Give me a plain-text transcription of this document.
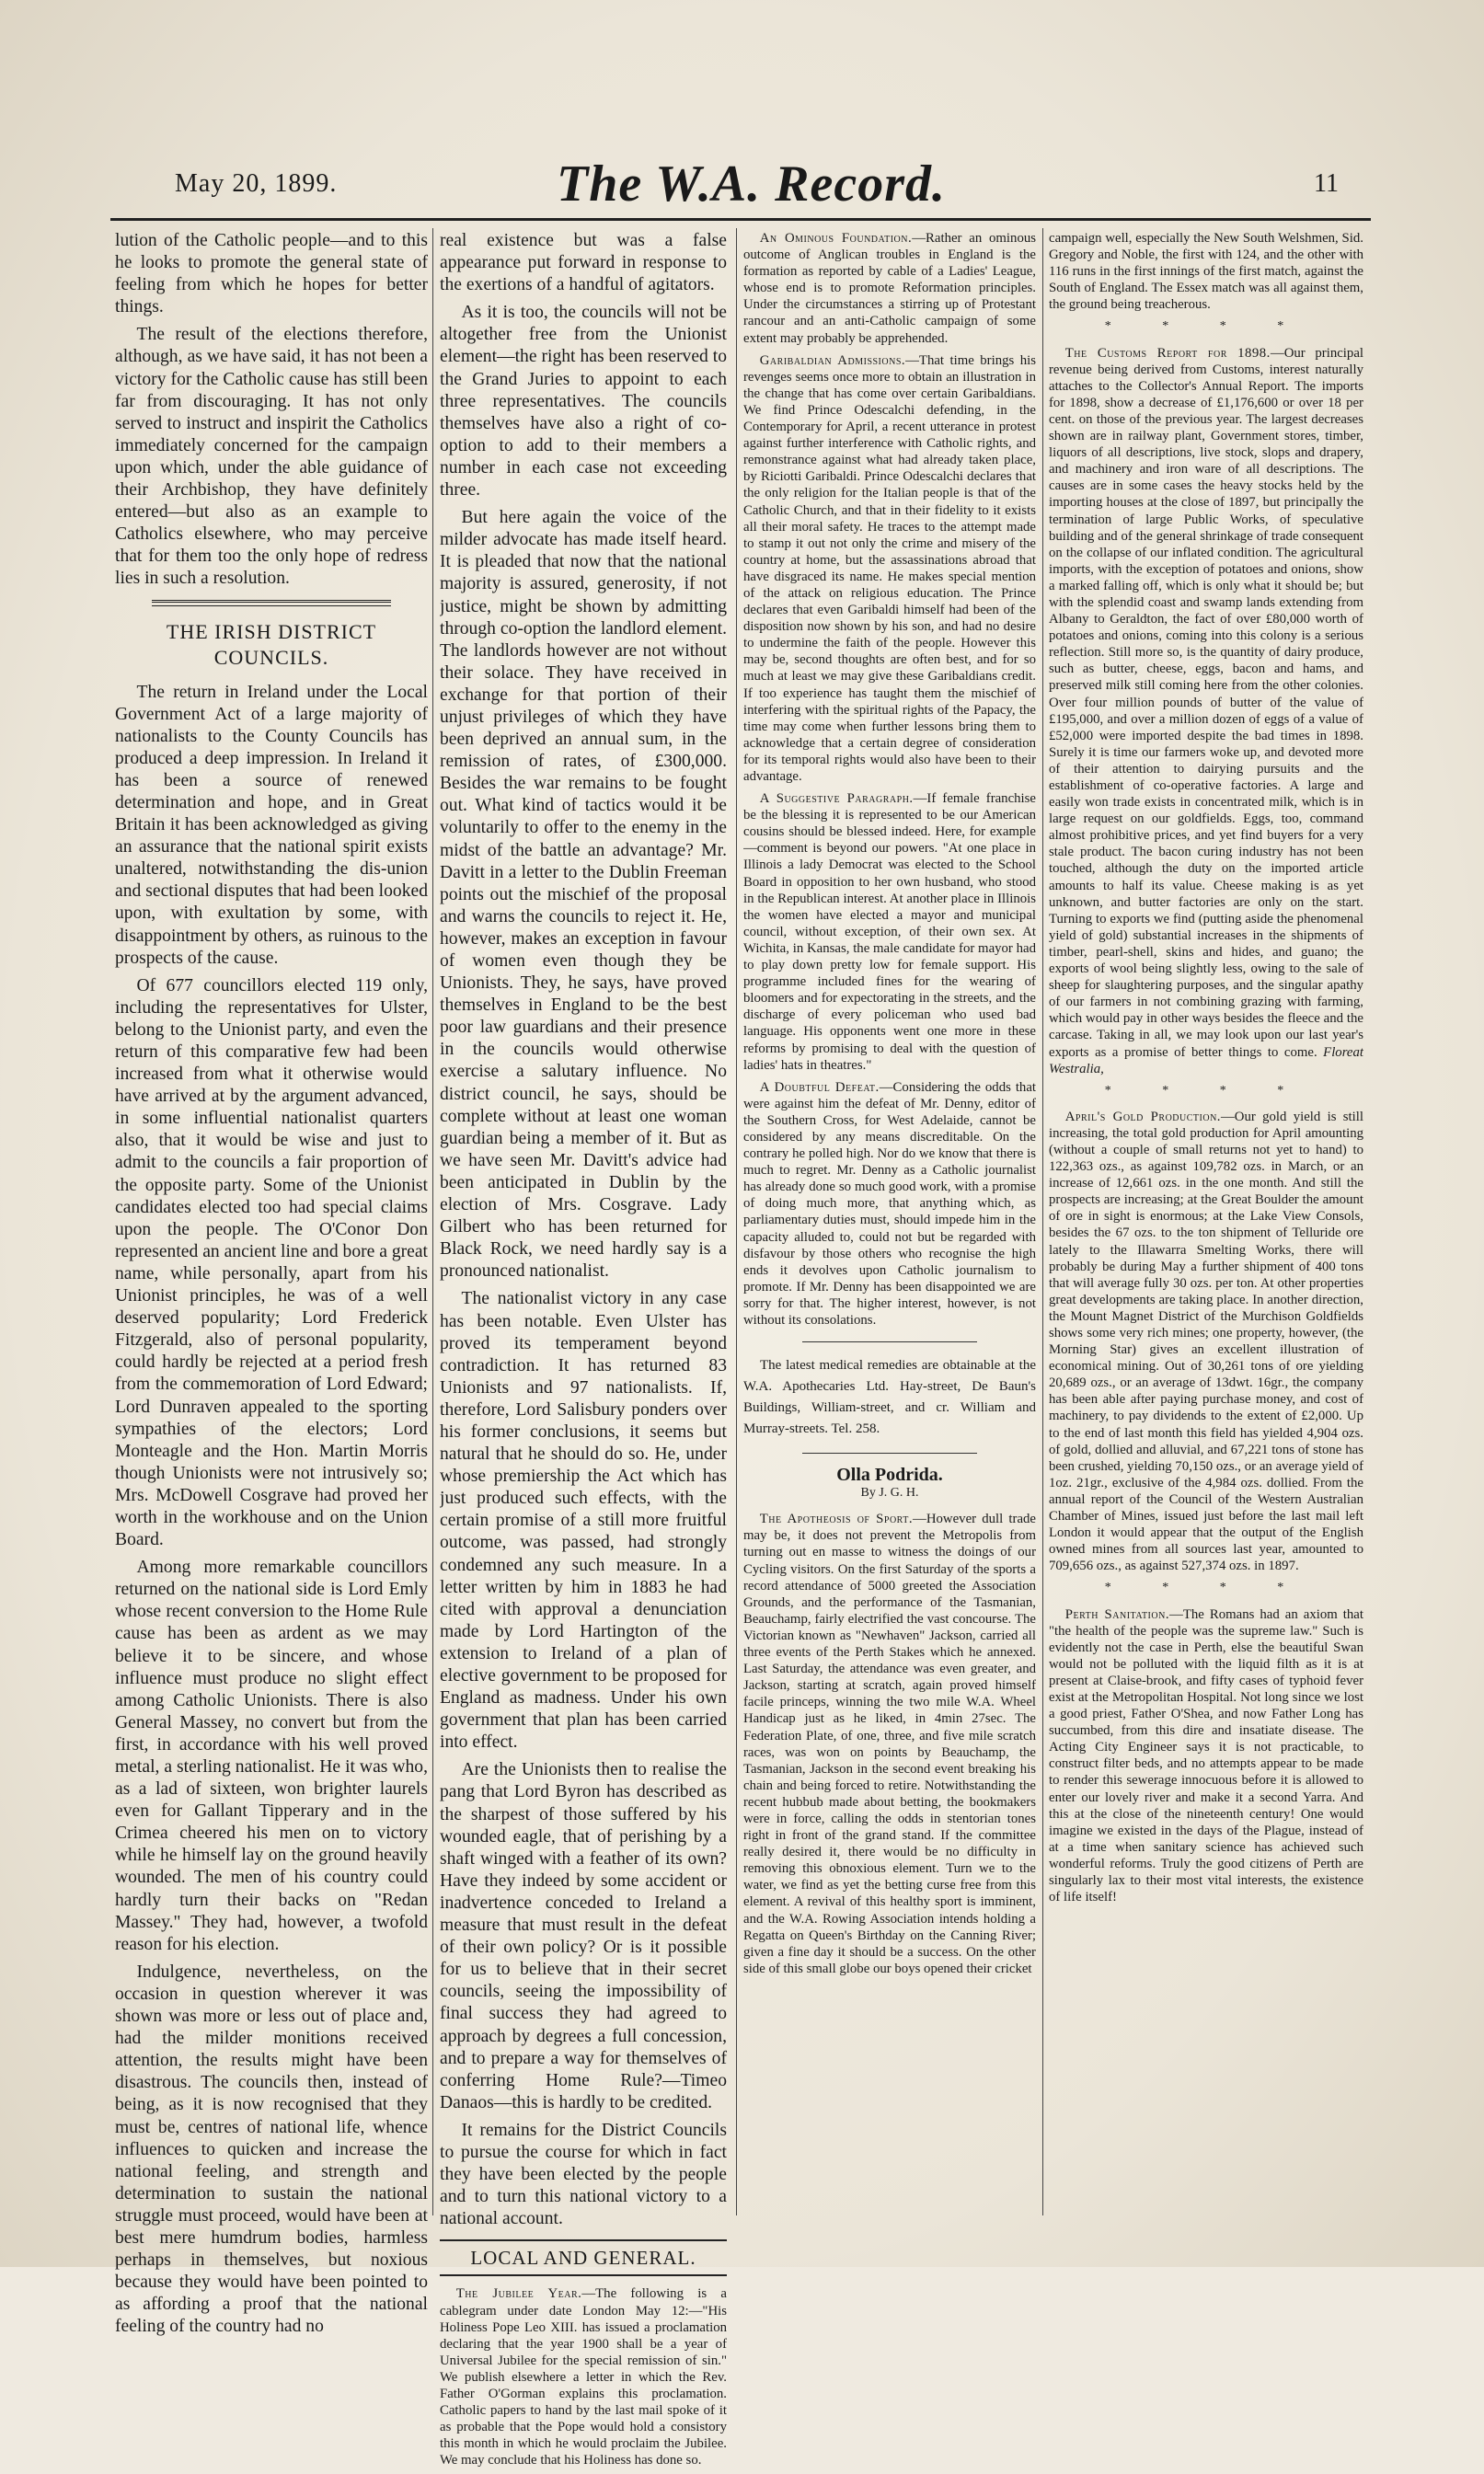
May 20, 1899.	The W.A. Record.	11

lution of the Catholic people—and to this he looks to promote the general state of feeling from which he hopes for better things.

The result of the elections therefore, although, as we have said, it has not been a victory for the Catholic cause has still been far from discouraging. It has not only served to instruct and inspirit the Catholics immediately concerned for the campaign upon which, under the able guidance of their Archbishop, they have definitely entered—but also as an example to Catholics elsewhere, who may perceive that for them too the only hope of redress lies in such a resolution.

THE IRISH DISTRICT COUNCILS.

The return in Ireland under the Local Government Act of a large majority of nationalists to the County Councils has produced a deep impression. In Ireland it has been a source of renewed determination and hope, and in Great Britain it has been acknowledged as giving an assurance that the national spirit exists unaltered, notwithstanding the dis-union and sectional disputes that had been looked upon, with exultation by some, with disappointment by others, as ruinous to the prospects of the cause.

Of 677 councillors elected 119 only, including the representatives for Ulster, belong to the Unionist party, and even the return of this comparative few had been increased from what it otherwise would have arrived at by the argument advanced, in some influential nationalist quarters also, that it would be wise and just to admit to the councils a fair proportion of the opposite party. Some of the Unionist candidates elected too had special claims upon the people. The O'Conor Don represented an ancient line and bore a great name, while personally, apart from his Unionist principles, he was of a well deserved popularity; Lord Frederick Fitzgerald, also of personal popularity, could hardly be rejected at a period fresh from the commemoration of Lord Edward; Lord Dunraven appealed to the sporting sympathies of the electors; Lord Monteagle and the Hon. Martin Morris though Unionists were not intrusively so; Mrs. McDowell Cosgrave had proved her worth in the workhouse and on the Union Board.

Among more remarkable councillors returned on the national side is Lord Emly whose recent conversion to the Home Rule cause has been as ardent as we may believe it to be sincere, and whose influence must produce no slight effect among Catholic Unionists. There is also General Massey, no convert but from the first, in accordance with his well proved metal, a sterling nationalist. He it was who, as a lad of sixteen, won brighter laurels even for Gallant Tipperary and in the Crimea cheered his men on to victory while he himself lay on the ground heavily wounded. The men of his country could hardly turn their backs on "Redan Massey." They had, however, a twofold reason for his election.

Indulgence, nevertheless, on the occasion in question wherever it was shown was more or less out of place and, had the milder monitions received attention, the results might have been disastrous. The councils then, instead of being, as it is now recognised that they must be, centres of national life, whence influences to quicken and increase the national feeling, and strength and determination to sustain the national struggle must proceed, would have been at best mere humdrum bodies, harmless perhaps in themselves, but noxious because they would have been pointed to as affording a proof that the national feeling of the country had no

real existence but was a false appearance put forward in response to the exertions of a handful of agitators.

As it is too, the councils will not be altogether free from the Unionist element—the right has been reserved to the Grand Juries to appoint to each three representatives. The councils themselves have also a right of co-option to add to their members a number in each case not exceeding three.

But here again the voice of the milder advocate has made itself heard. It is pleaded that now that the national majority is assured, generosity, if not justice, might be shown by admitting through co-option the landlord element. The landlords however are not without their solace. They have received in exchange for that portion of their unjust privileges of which they have been deprived an annual sum, in the remission of rates, of £300,000. Besides the war remains to be fought out. What kind of tactics would it be voluntarily to offer to the enemy in the midst of the battle an advantage? Mr. Davitt in a letter to the Dublin Freeman points out the mischief of the proposal and warns the councils to reject it. He, however, makes an exception in favour of women even though they be Unionists. They, he says, have proved themselves in England to be the best poor law guardians and their presence in the councils would otherwise exercise a salutary influence. No district council, he says, should be complete without at least one woman guardian being a member of it. But as we have seen Mr. Davitt's advice had been anticipated in Dublin by the election of Mrs. Cosgrave. Lady Gilbert who has been returned for Black Rock, we need hardly say is a pronounced nationalist.

The nationalist victory in any case has been notable. Even Ulster has proved its temperament beyond contradiction. It has returned 83 Unionists and 97 nationalists. If, therefore, Lord Salisbury ponders over his former conclusions, it seems but natural that he should do so. He, under whose premiership the Act which has just produced such effects, with the certain promise of a still more fruitful outcome, was passed, had strongly condemned any such measure. In a letter written by him in 1883 he had cited with approval a denunciation made by Lord Hartington of the extension to Ireland of a plan of elective government to be proposed for England as madness. Under his own government that plan has been carried into effect.

Are the Unionists then to realise the pang that Lord Byron has described as the sharpest of those suffered by his wounded eagle, that of perishing by a shaft winged with a feather of its own? Have they indeed by some accident or inadvertence conceded to Ireland a measure that must result in the defeat of their own policy? Or is it possible for us to believe that in their secret councils, seeing the impossibility of final success they had agreed to approach by degrees a full concession, and to prepare a way for themselves of conferring Home Rule?—Timeo Danaos—this is hardly to be credited.

It remains for the District Councils to pursue the course for which in fact they have been elected by the people and to turn this national victory to a national account.

LOCAL AND GENERAL.

The Jubilee Year.—The following is a cablegram under date London May 12:—"His Holiness Pope Leo XIII. has issued a proclamation declaring that the year 1900 shall be a year of Universal Jubilee for the special remission of sin." We publish elsewhere a letter in which the Rev. Father O'Gorman explains this proclamation. Catholic papers to hand by the last mail spoke of it as probable that the Pope would hold a consistory this month in which he would proclaim the Jubilee. We may conclude that his Holiness has done so.

An Ominous Foundation.—Rather an ominous outcome of Anglican troubles in England is the formation as reported by cable of a Ladies' League, whose end is to promote Reformation principles. Under the circumstances a stirring up of Protestant rancour and an anti-Catholic campaign of some extent may probably be apprehended.

Garibaldian Admissions.—That time brings his revenges seems once more to obtain an illustration in the change that has come over certain Garibaldians. We find Prince Odescalchi defending, in the Contemporary for April, a recent utterance in protest against further interference with Catholic rights, and remonstrance against what had already taken place, by Riciotti Garibaldi. Prince Odescalchi declares that the only religion for the Italian people is that of the Catholic Church, and that in their fidelity to it exists all their moral safety. He traces to the attempt made to stamp it out not only the crime and misery of the country at home, but the assassinations abroad that have disgraced its name. He makes special mention of the attack on religious education. The Prince declares that even Garibaldi himself had been of the disposition now shown by his son, and had no desire to undermine the faith of the people. However this may be, second thoughts are often best, and for so much at least we may give these Garibaldians credit. If too experience has taught them the mischief of interfering with the spiritual rights of the Papacy, the time may come when further lessons bring them to acknowledge that a certain degree of consideration for its temporal rights would also have been to their advantage.

A Suggestive Paragraph.—If female franchise be the blessing it is represented to be our American cousins should be blessed indeed. Here, for example—comment is beyond our powers. "At one place in Illinois a lady Democrat was elected to the School Board in opposition to her own husband, who stood in the Republican interest. At another place in Illinois the women have elected a mayor and municipal council, without exception, of their own sex. At Wichita, in Kansas, the male candidate for mayor had to play down pretty low for female support. His programme included fines for the wearing of bloomers and for expectorating in the streets, and the discharge of every policeman who used bad language. His opponents went one more in these reforms by promising to deal with the question of ladies' hats in theatres."

A Doubtful Defeat.—Considering the odds that were against him the defeat of Mr. Denny, editor of the Southern Cross, for West Adelaide, cannot be considered by any means discreditable. On the contrary he polled high. Nor do we know that there is much to regret. Mr. Denny as a Catholic journalist has already done so much good work, with a promise of doing much more, that anything which, as parliamentary duties must, should impede him in the capacity alluded to, could not but be regarded with disfavour by those others who recognise the high ends it devolves upon Catholic journalism to promote. If Mr. Denny has been disappointed we are sorry for that. The higher interest, however, is not without its consolations.

The latest medical remedies are obtainable at the W.A. Apothecaries Ltd. Hay-street, De Baun's Buildings, William-street, and cr. William and Murray-streets. Tel. 258.

Olla Podrida.

By J. G. H.

The Apotheosis of Sport.—However dull trade may be, it does not prevent the Metropolis from turning out en masse to witness the doings of our Cycling visitors. On the first Saturday of the sports a record attendance of 5000 greeted the Association Grounds, and the performance of the Tasmanian, Beauchamp, fairly electrified the vast concourse. The Victorian known as "Newhaven" Jackson, carried all three events of the Perth Stakes which he annexed. Last Saturday, the attendance was even greater, and Jackson, starting at scratch, again proved himself facile princeps, winning the two mile W.A. Wheel Handicap just as he liked, in 4min 27sec. The Federation Plate, of one, three, and five mile scratch races, was won on points by Beauchamp, the Tasmanian, Jackson in the second event breaking his chain and being forced to retire. Notwithstanding the recent hubbub made about betting, the bookmakers were in force, calling the odds in stentorian tones right in front of the grand stand. If the committee really desired it, there would be no difficulty in removing this obnoxious element. Turn we to the water, we find as yet the betting curse free from this element. A revival of this healthy sport is imminent, and the W.A. Rowing Association intends holding a Regatta on Queen's Birthday on the Canning River; given a fine day it should be a success. On the other side of this small globe our boys opened their cricket

campaign well, especially the New South Welshmen, Sid. Gregory and Noble, the first with 124, and the other with 116 runs in the first innings of the first match, against the South of England. The Essex match was all against them, the ground being treacherous.

* * * *

The Customs Report for 1898.—Our principal revenue being derived from Customs, interest naturally attaches to the Collector's Annual Report. The imports for 1898, show a decrease of £1,176,600 or over 18 per cent. on those of the previous year. The largest decreases shown are in railway plant, Government stores, timber, liquors of all descriptions, live stock, slops and drapery, and machinery and iron ware of all descriptions. The causes are in some cases the heavy stocks held by the importing houses at the close of 1897, but principally the termination of large Public Works, of speculative building and of the general shrinkage of trade consequent on the collapse of our inflated condition. The agricultural imports, with the exception of potatoes and onions, show a marked falling off, which is only what it should be; but with the splendid coast and swamp lands extending from Albany to Geraldton, the fact of over £80,000 worth of potatoes and onions, coming into this colony is a serious reflection. Still more so, is the quantity of dairy produce, such as butter, cheese, eggs, bacon and hams, and preserved milk still coming here from the other colonies. Over four million pounds of butter of the value of £195,000, and over a million dozen of eggs of a value of £52,000 were imported despite the bad times in 1898. Surely it is time our farmers woke up, and devoted more of their attention to dairying pursuits and the establishment of co-operative factories. A large and easily won trade exists in concentrated milk, which is in large request on our goldfields. Eggs, too, command almost prohibitive prices, and yet find buyers for a very stale product. The bacon curing industry has not been touched, although the duty on the imported article amounts to half its value. Cheese making is as yet unknown, and butter factories are only on the start. Turning to exports we find (putting aside the phenomenal yield of gold) substantial increases in the shipments of timber, pearl-shell, skins and hides, and guano; the exports of wool being slightly less, owing to the sale of sheep for slaughtering purposes, and the singular apathy of our farmers in not combining grazing with farming, which would pay in other ways besides the fleece and the carcase. Taking in all, we may look upon our last year's exports as a promise of better things to come. Floreat Westralia,

* * * *

April's Gold Production.—Our gold yield is still increasing, the total gold production for April amounting (without a couple of small returns not yet to hand) to 122,363 ozs., as against 109,782 ozs. in March, or an increase of 12,661 ozs. in the one month. And still the prospects are increasing; at the Great Boulder the amount of ore in sight is enormous; at the Lake View Consols, besides the 67 ozs. to the ton shipment of Telluride ore lately to the Illawarra Smelting Works, there will probably be during May a further shipment of 400 tons that will average fully 30 ozs. per ton. At other properties great developments are taking place. In another direction, the Mount Magnet District of the Murchison Goldfields shows some very rich mines; one property, however, (the Morning Star) gives an excellent illustration of economical mining. Out of 30,261 tons of ore yielding 20,689 ozs., or an average of 13dwt. 16gr., the company has been able after paying purchase money, and cost of machinery, to pay dividends to the extent of £2,000. Up to the end of last month this field has yielded 4,904 ozs. of gold, dollied and alluvial, and 67,221 tons of stone has been crushed, yielding 70,150 ozs., or an average yield of 1oz. 21gr., exclusive of the 4,984 ozs. dollied. From the annual report of the Council of the Western Australian Chamber of Mines, issued just before the last mail left London it would appear that the output of the English owned mines from all sources last year, amounted to 709,656 ozs., as against 527,374 ozs. in 1897.

* * * *

Perth Sanitation.—The Romans had an axiom that "the health of the people was the supreme law." Such is evidently not the case in Perth, else the beautiful Swan would not be polluted with the liquid filth as it is at present at Claise-brook, and fifty cases of typhoid fever exist at the Metropolitan Hospital. Not long since we lost a good priest, Father O'Shea, and now Father Long has succumbed, from this dire and insatiate disease. The Acting City Engineer says it is not practicable, to construct filter beds, and no attempts appear to be made to render this sewerage innocuous before it is allowed to enter our lovely river and make it a second Yarra. And this at the close of the nineteenth century! One would imagine we existed in the days of the Plague, instead of at a time when sanitary science has achieved such wonderful reforms. Truly the good citizens of Perth are singularly lax to their most vital interests, the existence of life itself!
